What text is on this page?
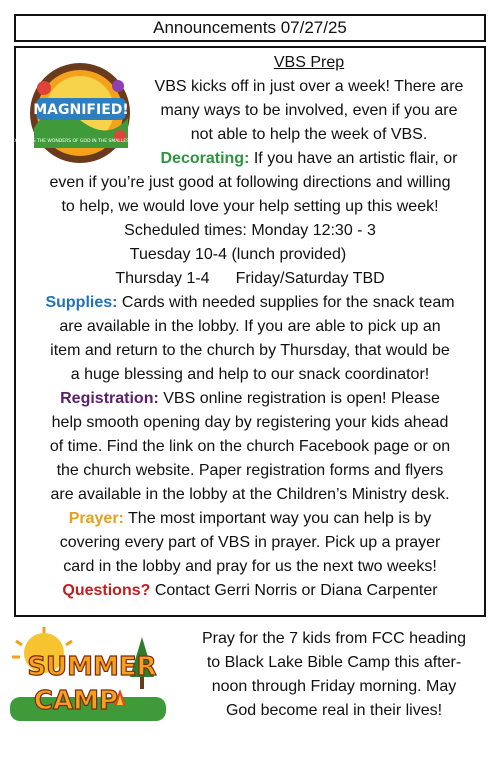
Announcements 07/27/25
MAGNIFIED!
DISCOVERING THE WONDERS OF GOD IN THE SMALLEST OF THINGS
VBS Prep
VBS kicks off in just over a week! There are
many ways to be involved, even if you are
not able to help the week of VBS.
Decorating: If you have an artistic flair, or
even if you’re just good at following directions and willing
to help, we would love your help setting up this week!
Scheduled times: Monday 12:30 - 3
Tuesday 10-4 (lunch provided)
Thursday 1-4 Friday/Saturday TBD
Supplies: Cards with needed supplies for the snack team
are available in the lobby. If you are able to pick up an
item and return to the church by Thursday, that would be
a huge blessing and help to our snack coordinator!
Registration: VBS online registration is open! Please
help smooth opening day by registering your kids ahead
of time. Find the link on the church Facebook page or on
the church website. Paper registration forms and flyers
are available in the lobby at the Children’s Ministry desk.
Prayer: The most important way you can help is by
covering every part of VBS in prayer. Pick up a prayer
card in the lobby and pray for us the next two weeks!
Questions? Contact Gerri Norris or Diana Carpenter
SUMMER
CAMP
Pray for the 7 kids from FCC heading
to Black Lake Bible Camp this after-
noon through Friday morning. May
God become real in their lives!
